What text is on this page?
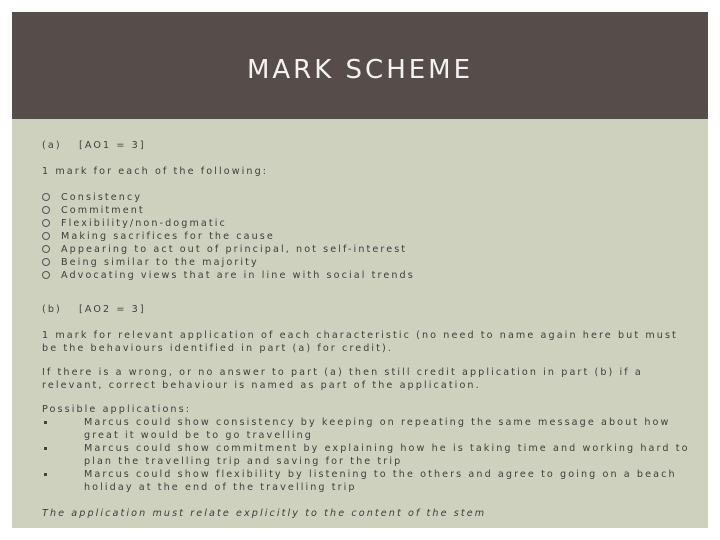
MARK SCHEME
(a) [AO1 = 3]

1 mark for each of the following:

Consistency
Commitment
Flexibility/non-dogmatic
Making sacrifices for the cause
Appearing to act out of principal, not self-interest
Being similar to the majority
Advocating views that are in line with social trends
(b) [AO2 = 3]

1 mark for relevant application of each characteristic (no need to name again here but must be the behaviours identified in part (a) for credit).

If there is a wrong, or no answer to part (a) then still credit application in part (b) if a relevant, correct behaviour is named as part of the application.

Possible applications:

Marcus could show consistency by keeping on repeating the same message about how great it would be to go travelling
Marcus could show commitment by explaining how he is taking time and working hard to plan the travelling trip and saving for the trip
Marcus could show flexibility by listening to the others and agree to going on a beach holiday at the end of the travelling trip

The application must relate explicitly to the content of the stem
